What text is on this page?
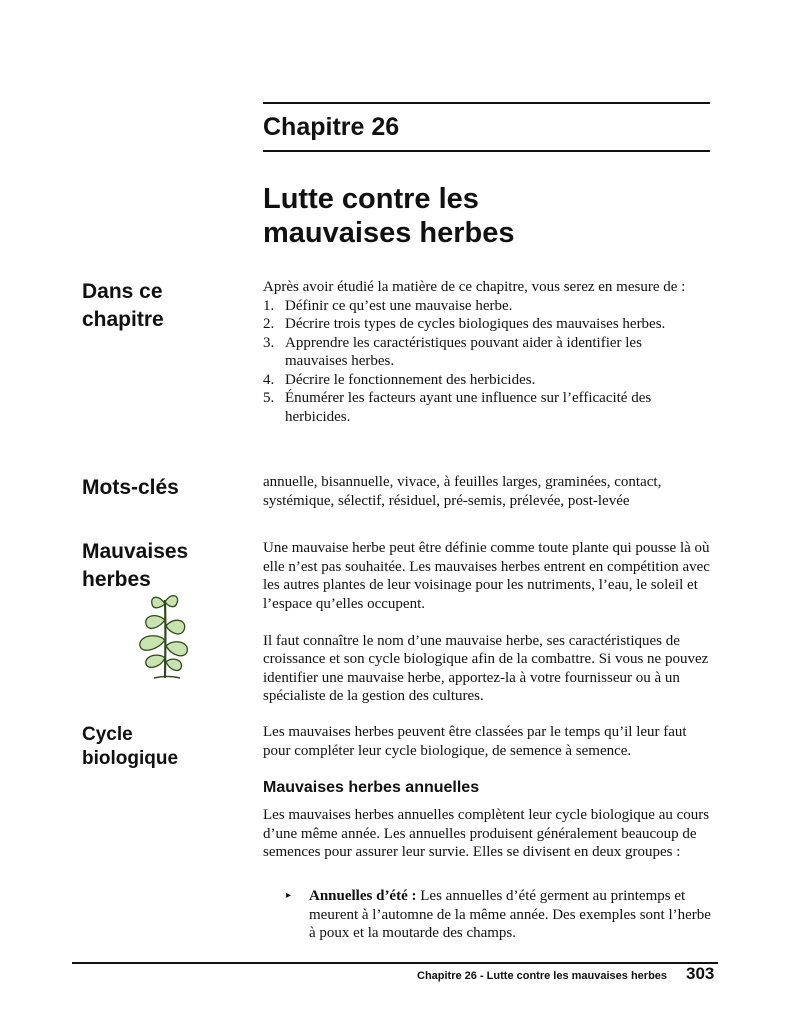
Chapitre 26
Lutte contre les
mauvaises herbes
Dans ce
chapitre

Après avoir étudié la matière de ce chapitre, vous serez en mesure de :

1. Définir ce qu’est une mauvaise herbe.
2. Décrire trois types de cycles biologiques des mauvaises herbes.
3. Apprendre les caractéristiques pouvant aider à identifier les mauvaises herbes.
4. Décrire le fonctionnement des herbicides.
5. Énumérer les facteurs ayant une influence sur l’efficacité des herbicides.
Mots-clés	annuelle, bisannuelle, vivace, à feuilles larges, graminées, contact, systémique, sélectif, résiduel, pré-semis, prélevée, post-levée
Mauvaises
herbes

Une mauvaise herbe peut être définie comme toute plante qui pousse là où elle n’est pas souhaitée. Les mauvaises herbes entrent en compétition avec les autres plantes de leur voisinage pour les nutriments, l’eau, le soleil et l’espace qu’elles occupent.

Il faut connaître le nom d’une mauvaise herbe, ses caractéristiques de croissance et son cycle biologique afin de la combattre. Si vous ne pouvez identifier une mauvaise herbe, apportez-la à votre fournisseur ou à un spécialiste de la gestion des cultures.

Cycle
biologique
Les mauvaises herbes peuvent être classées par le temps qu’il leur faut pour compléter leur cycle biologique, de semence à semence.
Mauvaises herbes annuelles
Les mauvaises herbes annuelles complètent leur cycle biologique au cours d’une même année. Les annuelles produisent généralement beaucoup de semences pour assurer leur survie. Elles se divisent en deux groupes :
▸ Annuelles d’été : Les annuelles d’été germent au printemps et meurent à l’automne de la même année. Des exemples sont l’herbe à poux et la moutarde des champs.
Chapitre 26 - Lutte contre les mauvaises herbes 303
